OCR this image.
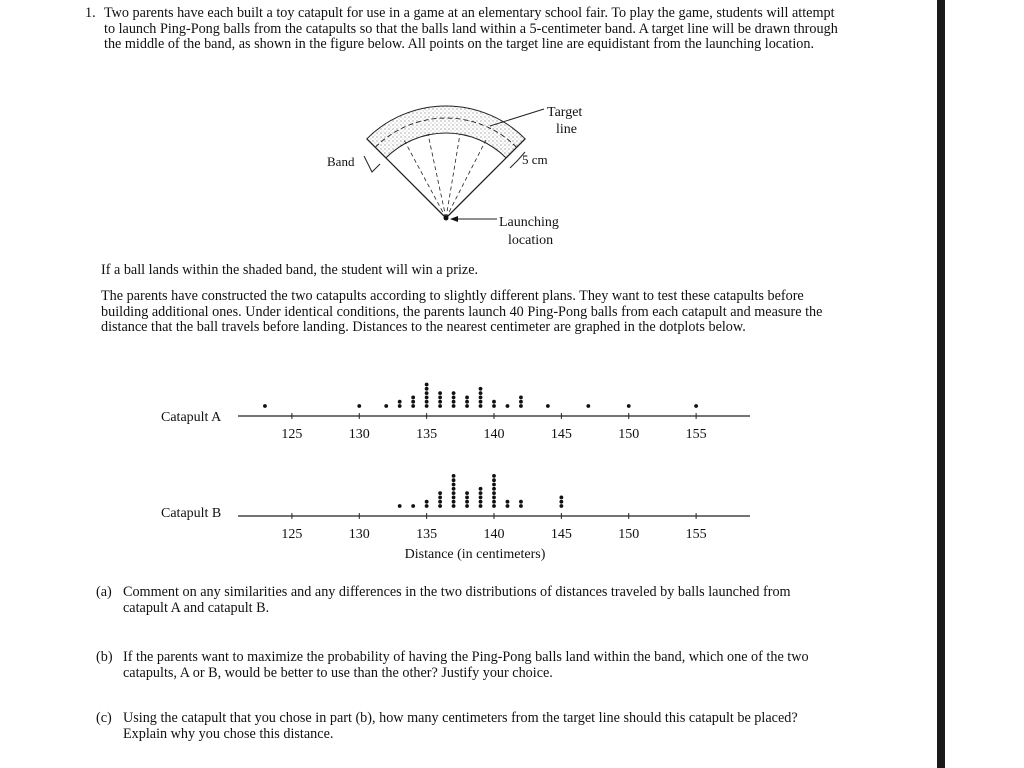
1. Two parents have each built a toy catapult for use in a game at an elementary school fair. To play the game, students will attempt to launch Ping-Pong balls from the catapults so that the balls land within a 5-centimeter band. A target line will be drawn through the middle of the band, as shown in the figure below. All points on the target line are equidistant from the launching location.
Target
line
Band	5 cm
Launching
location
If a ball lands within the shaded band, the student will win a prize.
The parents have constructed the two catapults according to slightly different plans. They want to test these catapults before building additional ones. Under identical conditions, the parents launch 40 Ping-Pong balls from each catapult and measure the distance that the ball travels before landing. Distances to the nearest centimeter are graphed in the dotplots below.
Catapult A
Catapult B
125	130	135	140	145	150	155
125	130	135	140	145	150	155
Distance (in centimeters)
(a) Comment on any similarities and any differences in the two distributions of distances traveled by balls launched from catapult A and catapult B.
(b) If the parents want to maximize the probability of having the Ping-Pong balls land within the band, which one of the two catapults, A or B, would be better to use than the other? Justify your choice.
(c) Using the catapult that you chose in part (b), how many centimeters from the target line should this catapult be placed? Explain why you chose this distance.
